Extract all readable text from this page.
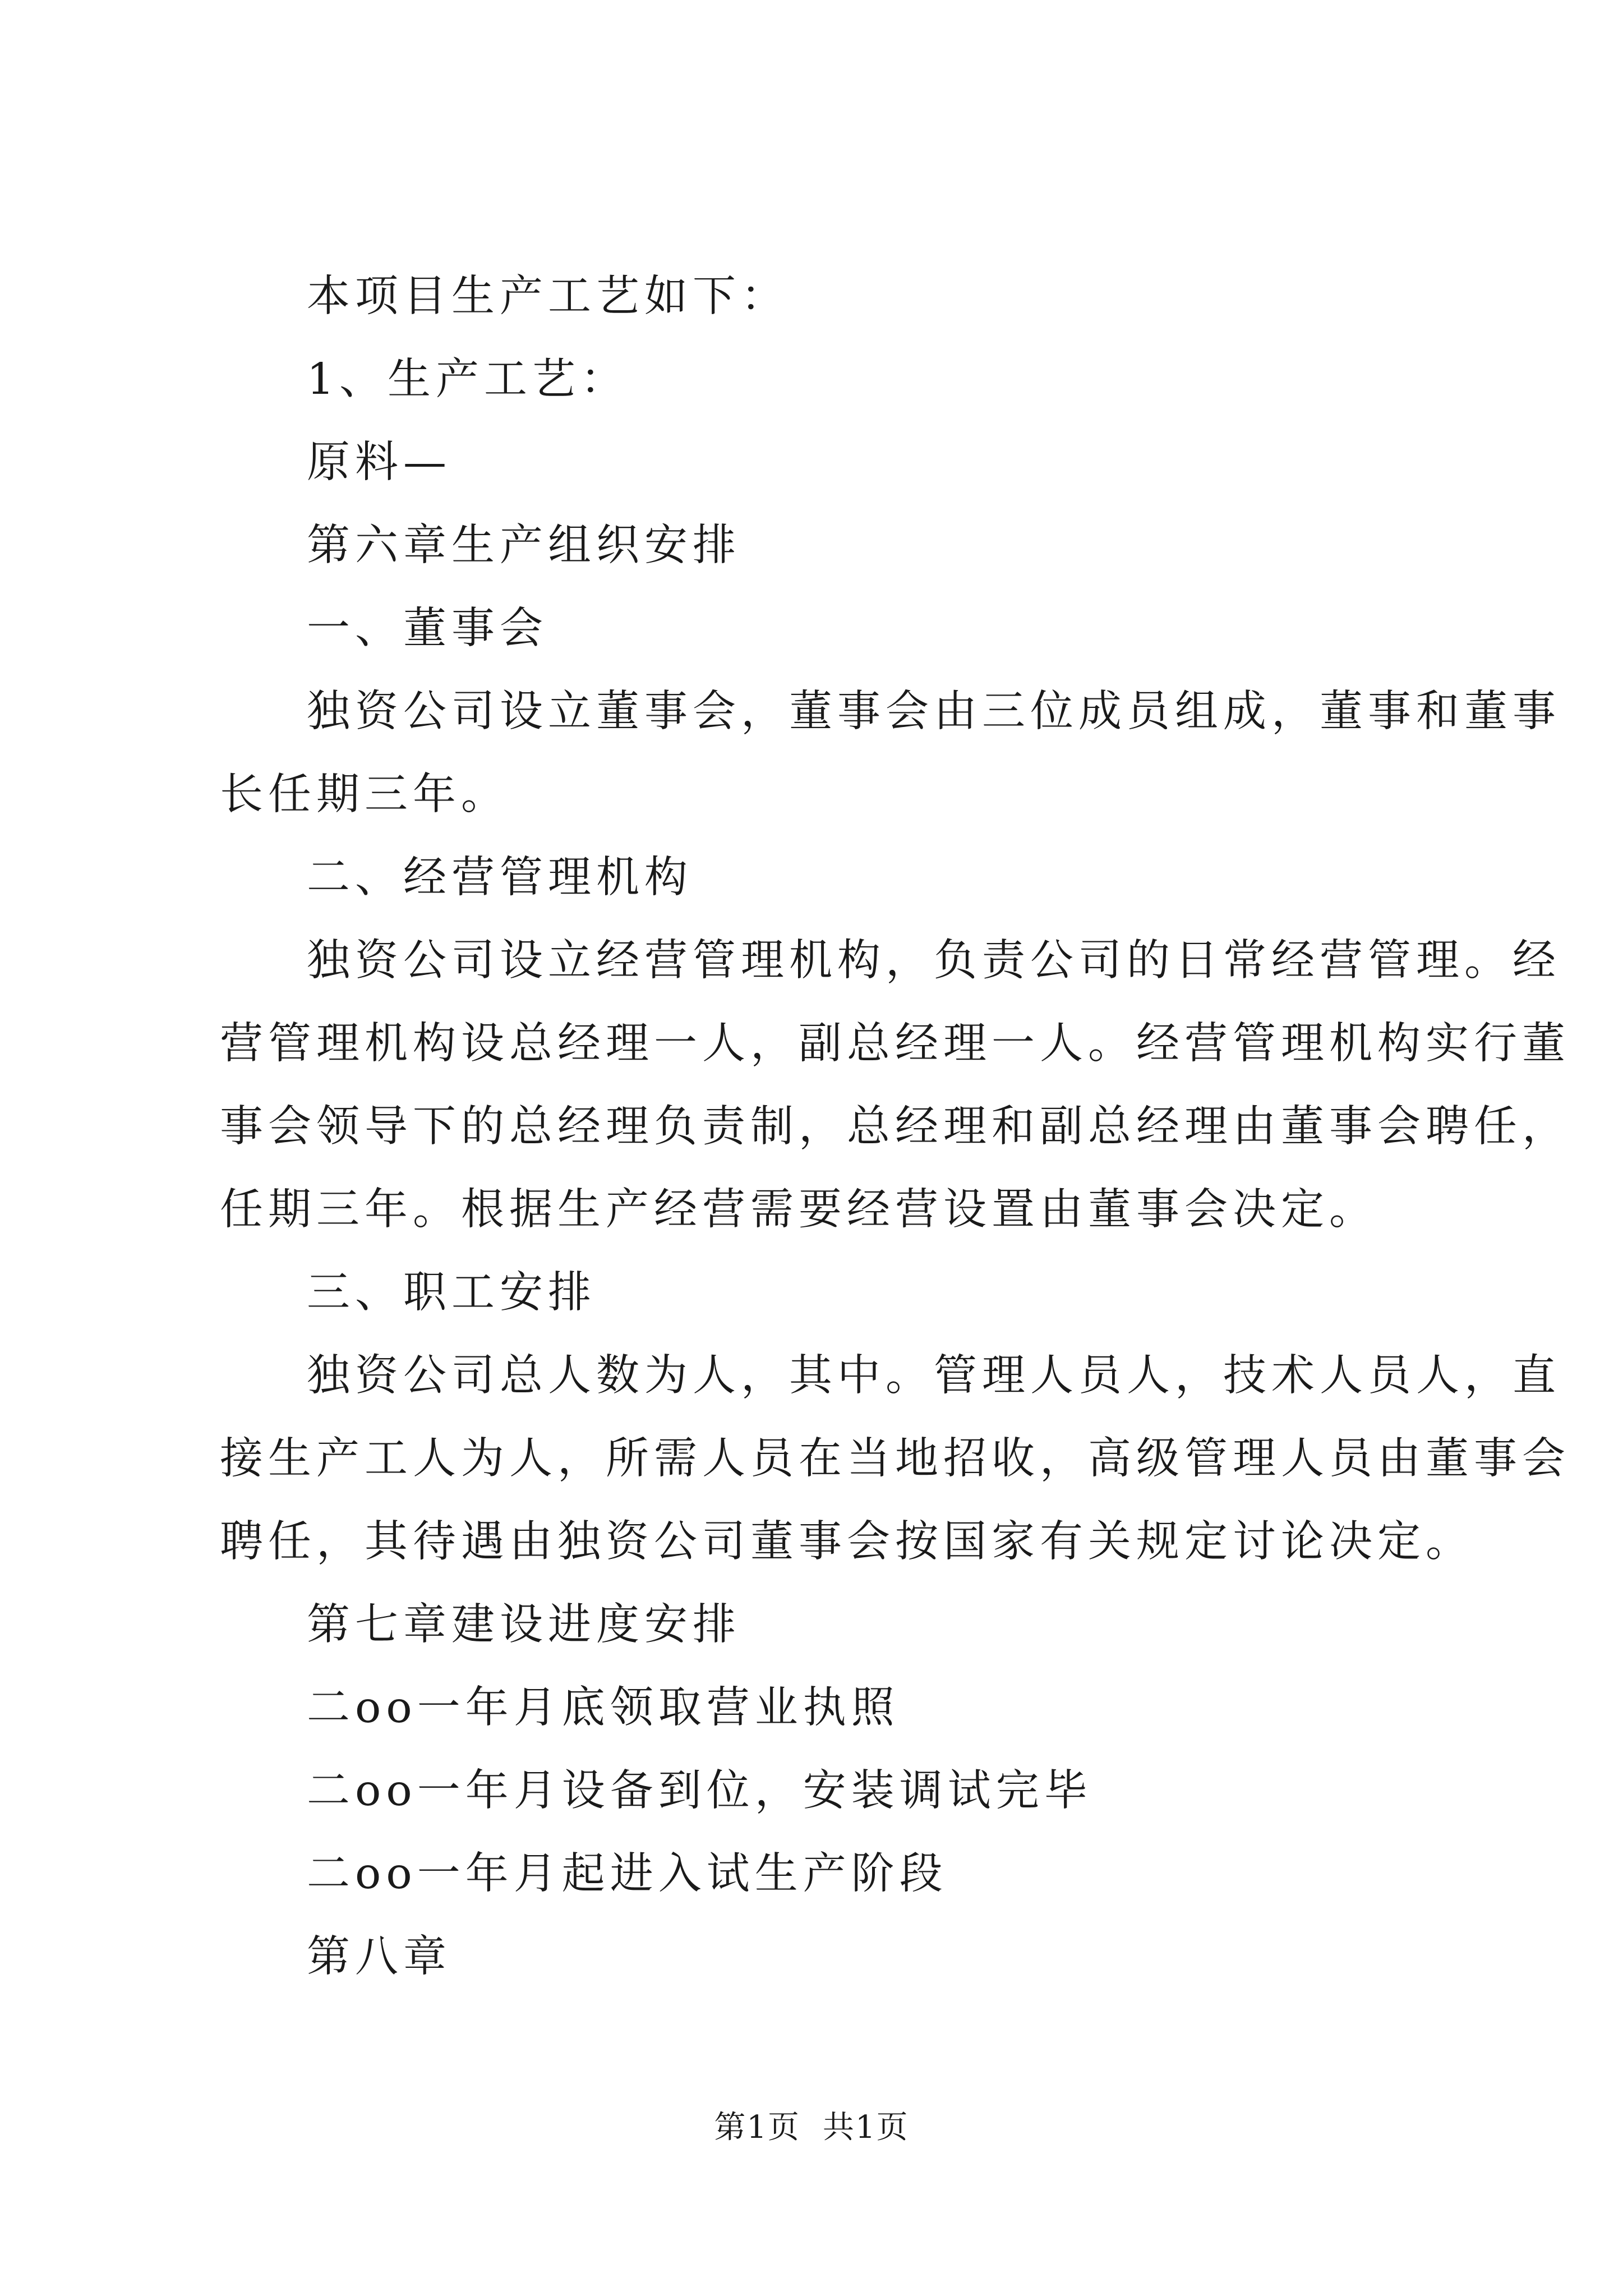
本项目生产工艺如下：
1、生产工艺：
原料—
第六章生产组织安排
一、董事会
独资公司设立董事会，董事会由三位成员组成，董事和董事
长任期三年。
二、经营管理机构
独资公司设立经营管理机构，负责公司的日常经营管理。经
营管理机构设总经理一人，副总经理一人。经营管理机构实行董
事会领导下的总经理负责制，总经理和副总经理由董事会聘任，
任期三年。根据生产经营需要经营设置由董事会决定。
三、职工安排
独资公司总人数为人，其中。管理人员人，技术人员人，直
接生产工人为人，所需人员在当地招收，高级管理人员由董事会
聘任，其待遇由独资公司董事会按国家有关规定讨论决定。
第七章建设进度安排
二oo一年月底领取营业执照
二oo一年月设备到位，安装调试完毕
二oo一年月起进入试生产阶段
第八章
第1页 共1页
